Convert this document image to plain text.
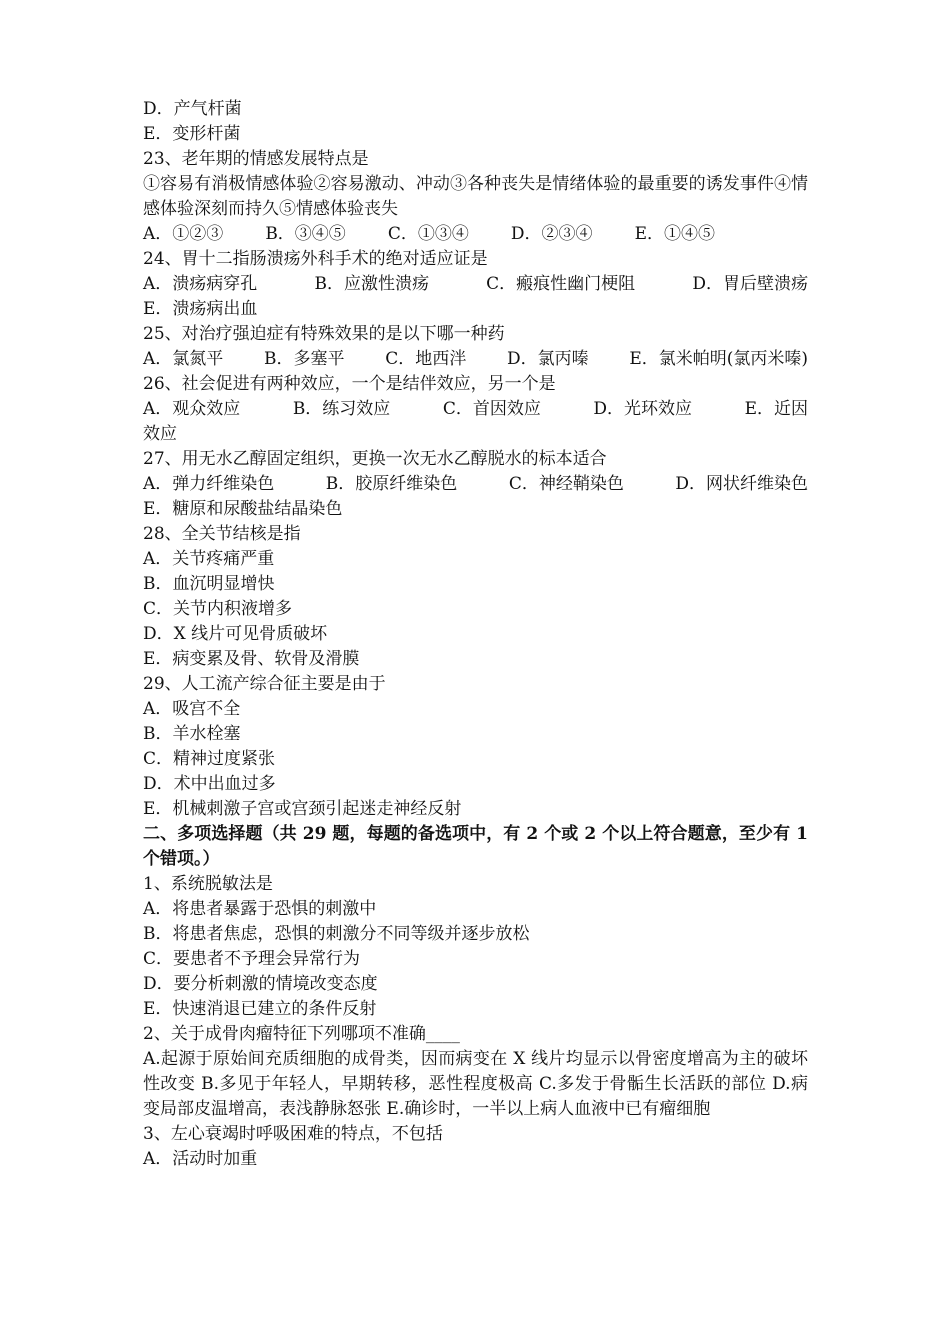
D．产气杆菌
E．变形杆菌
23、老年期的情感发展特点是
①容易有消极情感体验②容易激动、冲动③各种丧失是情绪体验的最重要的诱发事件④情感体验深刻而持久⑤情感体验丧失
A．①②③ B．③④⑤ C．①③④ D．②③④ E．①④⑤
24、胃十二指肠溃疡外科手术的绝对适应证是
A．溃疡病穿孔	B．应激性溃疡	C．瘢痕性幽门梗阻	D．胃后壁溃疡
E．溃疡病出血
25、对治疗强迫症有特殊效果的是以下哪一种药
A．氯氮平 B．多塞平 C．地西泮 D．氯丙嗪 E．氯米帕明(氯丙米嗪)
26、社会促进有两种效应，一个是结伴效应，另一个是
A．观众效应	B．练习效应	C．首因效应	D．光环效应	E．近因
效应
27、用无水乙醇固定组织，更换一次无水乙醇脱水的标本适合
A．弹力纤维染色	B．胶原纤维染色	C．神经鞘染色	D．网状纤维染色
E．糖原和尿酸盐结晶染色
28、全关节结核是指
A．关节疼痛严重
B．血沉明显增快
C．关节内积液增多
D．X 线片可见骨质破坏
E．病变累及骨、软骨及滑膜
29、人工流产综合征主要是由于
A．吸宫不全
B．羊水栓塞
C．精神过度紧张
D．术中出血过多
E．机械刺激子宫或宫颈引起迷走神经反射
二、多项选择题（共 29 题，每题的备选项中，有 2 个或 2 个以上符合题意，至少有 1 个错项。）
1、系统脱敏法是
A．将患者暴露于恐惧的刺激中
B．将患者焦虑，恐惧的刺激分不同等级并逐步放松
C．要患者不予理会异常行为
D．要分析刺激的情境改变态度
E．快速消退已建立的条件反射
2、关于成骨肉瘤特征下列哪项不准确____
A.起源于原始间充质细胞的成骨类，因而病变在 X 线片均显示以骨密度增高为主的破坏性改变 B.多见于年轻人，早期转移，恶性程度极高 C.多发于骨骺生长活跃的部位 D.病变局部皮温增高，表浅静脉怒张 E.确诊时，一半以上病人血液中已有瘤细胞
3、左心衰竭时呼吸困难的特点，不包括
A．活动时加重
